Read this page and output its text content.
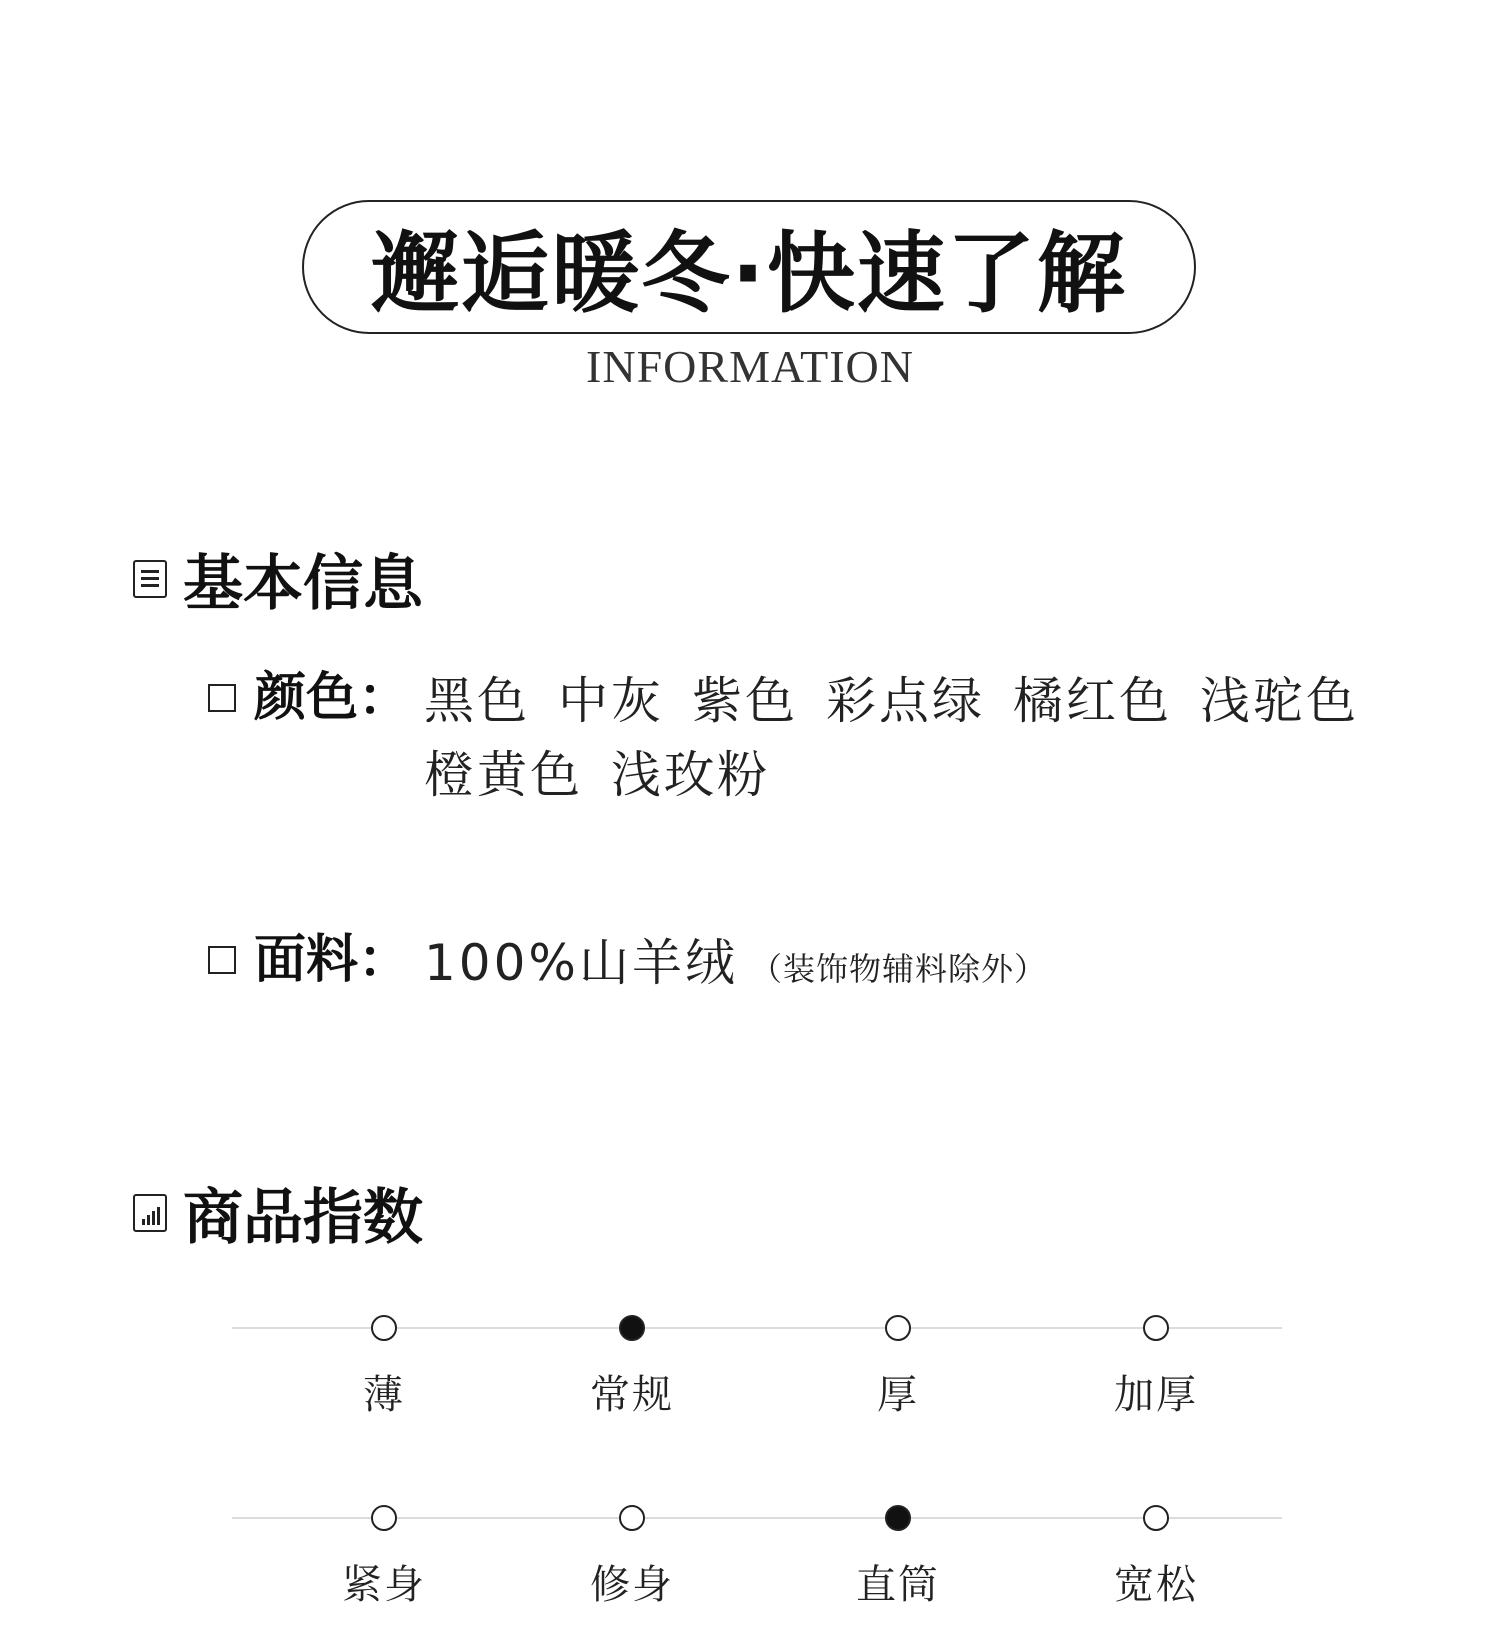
邂逅暖冬·快速了解
INFORMATION
基本信息
颜色： 黑色 中灰 紫色 彩点绿 橘红色 浅驼色
橙黄色 浅玫粉
面料： 100%山羊绒 （装饰物辅料除外）
商品指数
薄	常规	厚	加厚
紧身	修身	直筒	宽松
